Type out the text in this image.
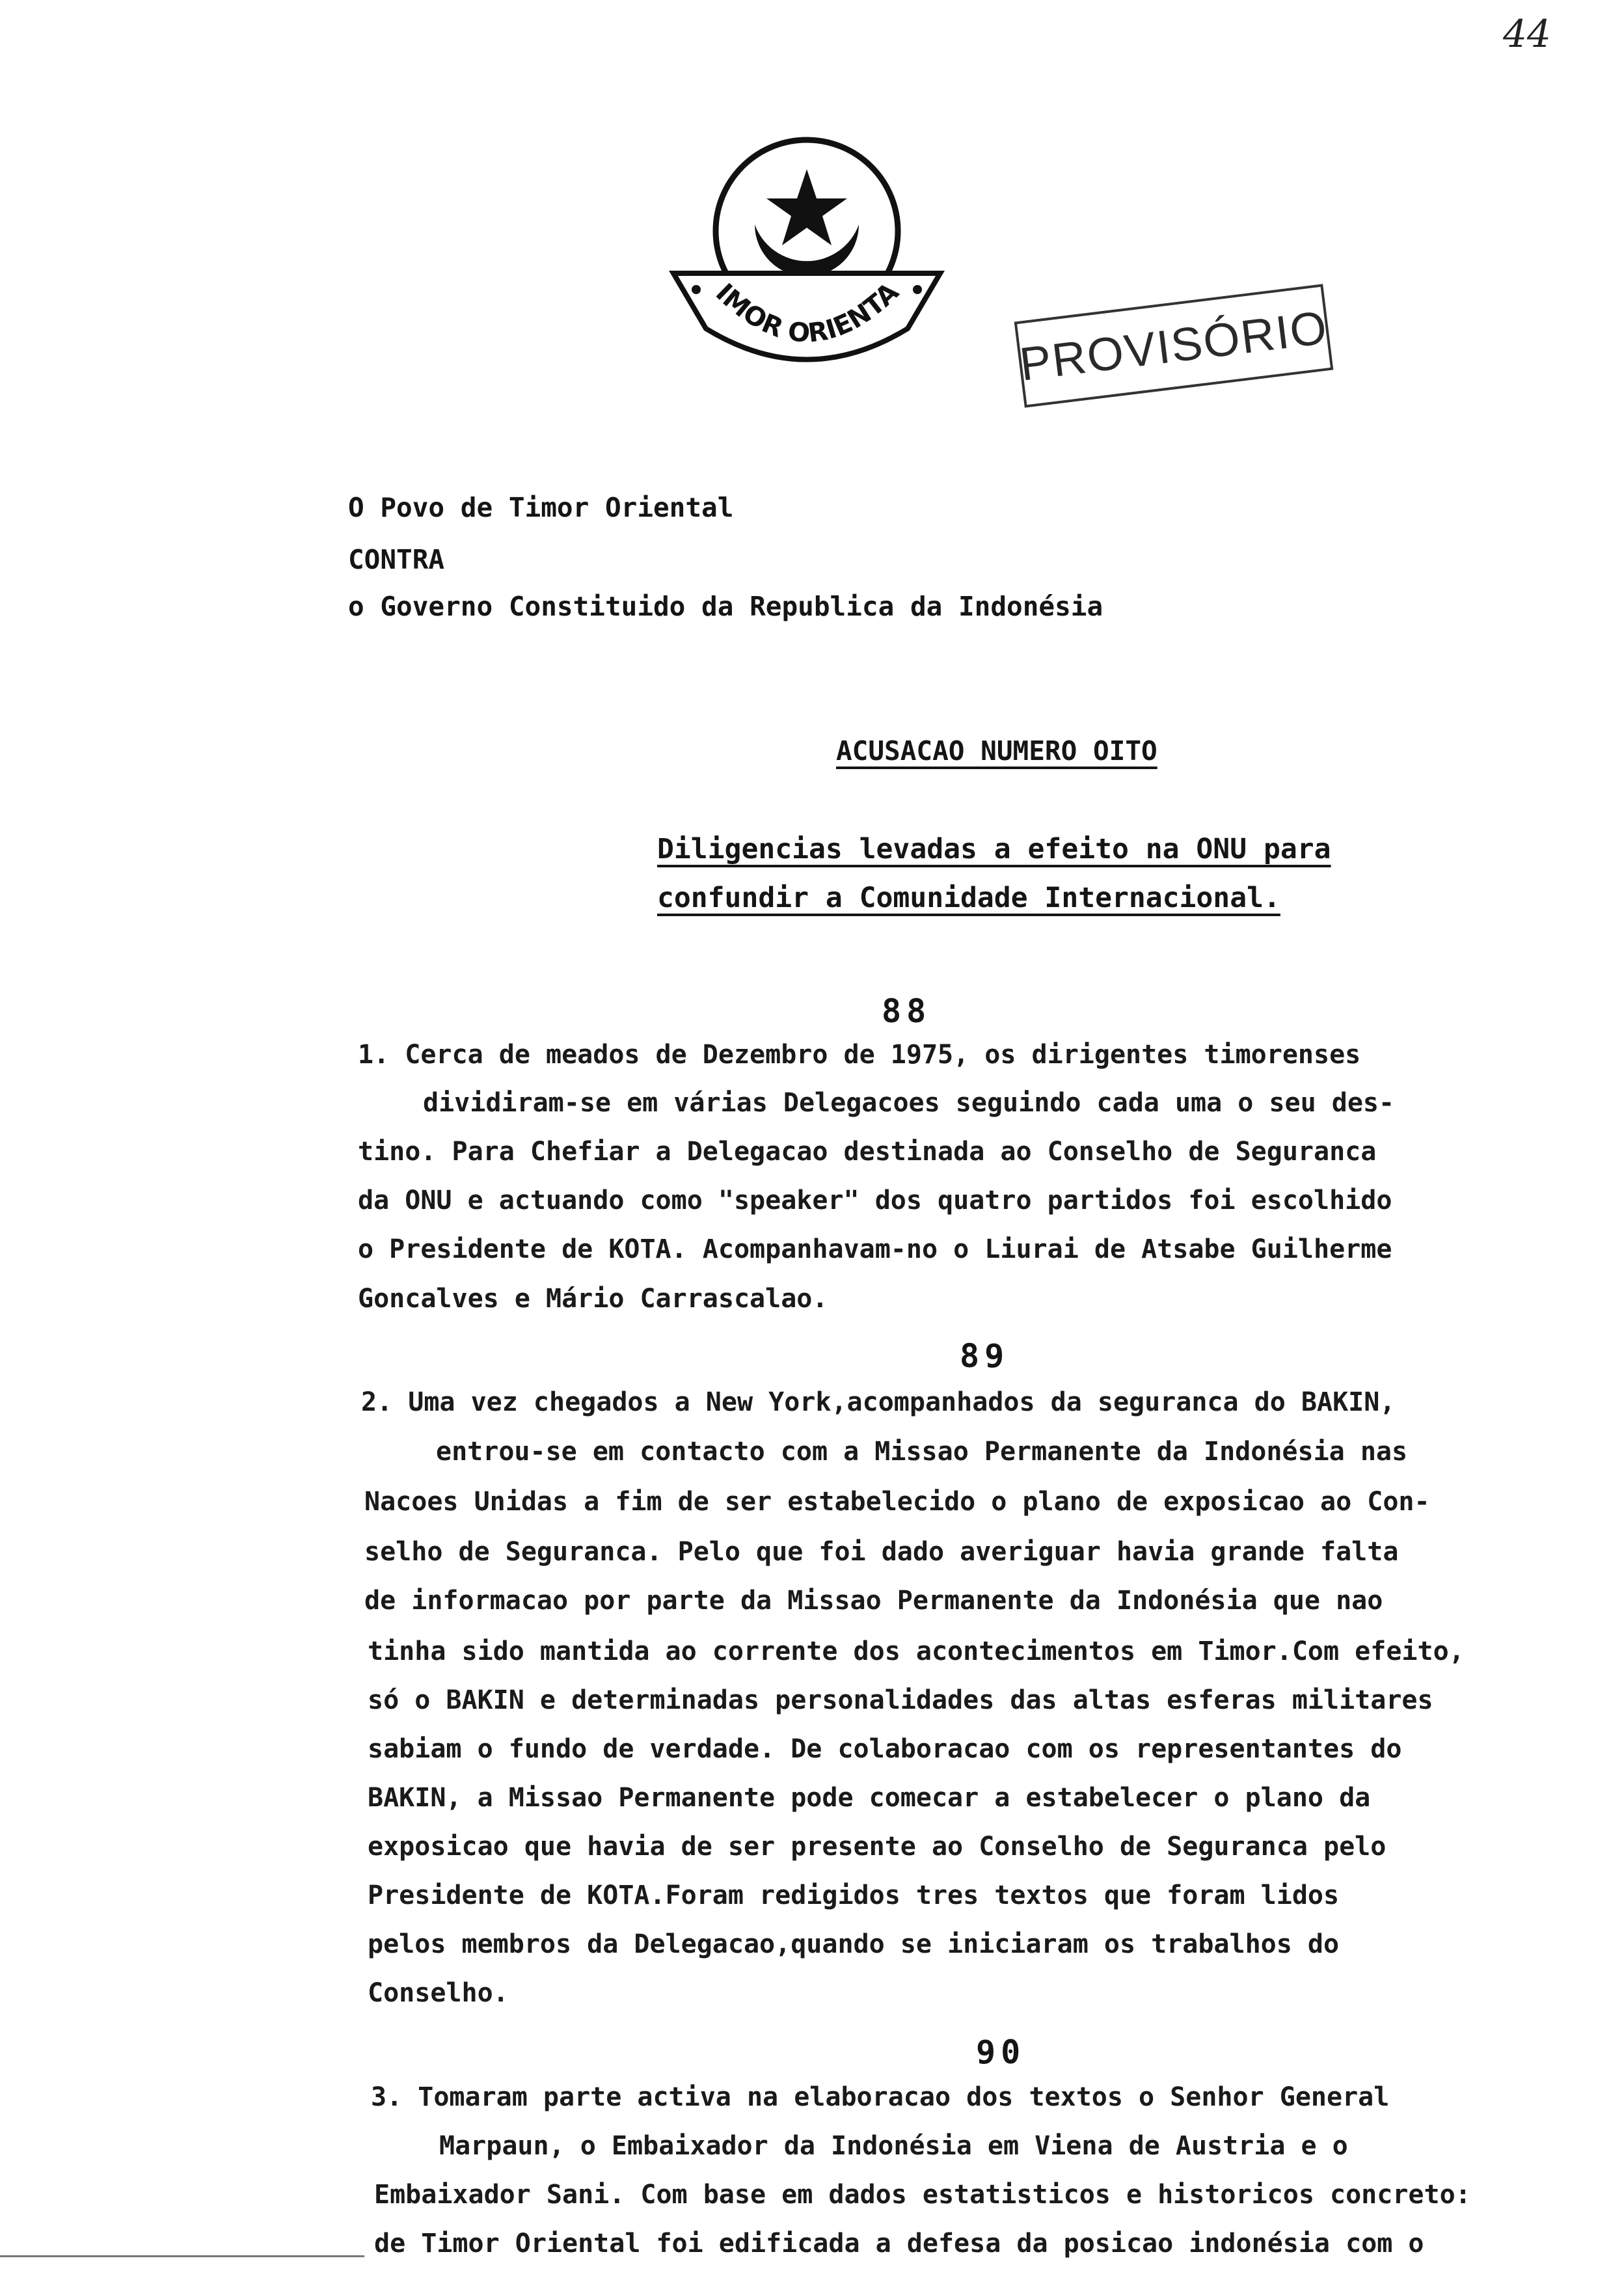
44
IMOR ORIENTA
PROVISÓRIO
O Povo de Timor Oriental
CONTRA
o Governo Constituido da Republica da Indonésia
ACUSACAO NUMERO OITO
Diligencias levadas a efeito na ONU para
confundir a Comunidade Internacional.
88
1. Cerca de meados de Dezembro de 1975, os dirigentes timorenses
dividiram-se em várias Delegacoes seguindo cada uma o seu des-
tino. Para Chefiar a Delegacao destinada ao Conselho de Seguranca
da ONU e actuando como "speaker" dos quatro partidos foi escolhido
o Presidente de KOTA. Acompanhavam-no o Liurai de Atsabe Guilherme
Goncalves e Mário Carrascalao.
89
2. Uma vez chegados a New York,acompanhados da seguranca do BAKIN,
entrou-se em contacto com a Missao Permanente da Indonésia nas
Nacoes Unidas a fim de ser estabelecido o plano de exposicao ao Con-
selho de Seguranca. Pelo que foi dado averiguar havia grande falta
de informacao por parte da Missao Permanente da Indonésia que nao
tinha sido mantida ao corrente dos acontecimentos em Timor.Com efeito,
só o BAKIN e determinadas personalidades das altas esferas militares
sabiam o fundo de verdade. De colaboracao com os representantes do
BAKIN, a Missao Permanente pode comecar a estabelecer o plano da
exposicao que havia de ser presente ao Conselho de Seguranca pelo
Presidente de KOTA.Foram redigidos tres textos que foram lidos
pelos membros da Delegacao,quando se iniciaram os trabalhos do
Conselho.
90
3. Tomaram parte activa na elaboracao dos textos o Senhor General
Marpaun, o Embaixador da Indonésia em Viena de Austria e o
Embaixador Sani. Com base em dados estatisticos e historicos concreto:
de Timor Oriental foi edificada a defesa da posicao indonésia com o
